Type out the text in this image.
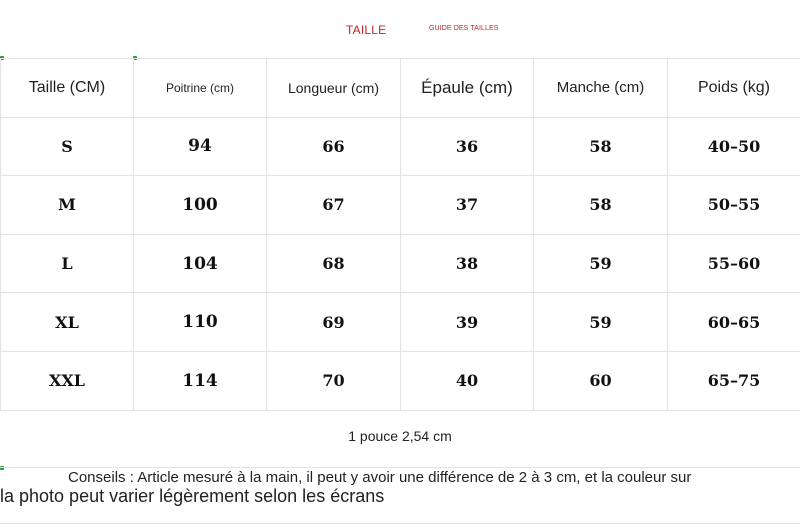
TAILLE	GUIDE DES TAILLES
Taille (CM)	Poitrine (cm)	Longueur (cm)	Épaule (cm)	Manche (cm)	Poids (kg)
S	94	66	36	58	40–50
M	100	67	37	58	50–55
L	104	68	38	59	55–60
XL	110	69	39	59	60–65
XXL	114	70	40	60	65–75
1 pouce 2,54 cm
Conseils : Article mesuré à la main, il peut y avoir une différence de 2 à 3 cm, et la couleur sur
la photo peut varier légèrement selon les écrans
